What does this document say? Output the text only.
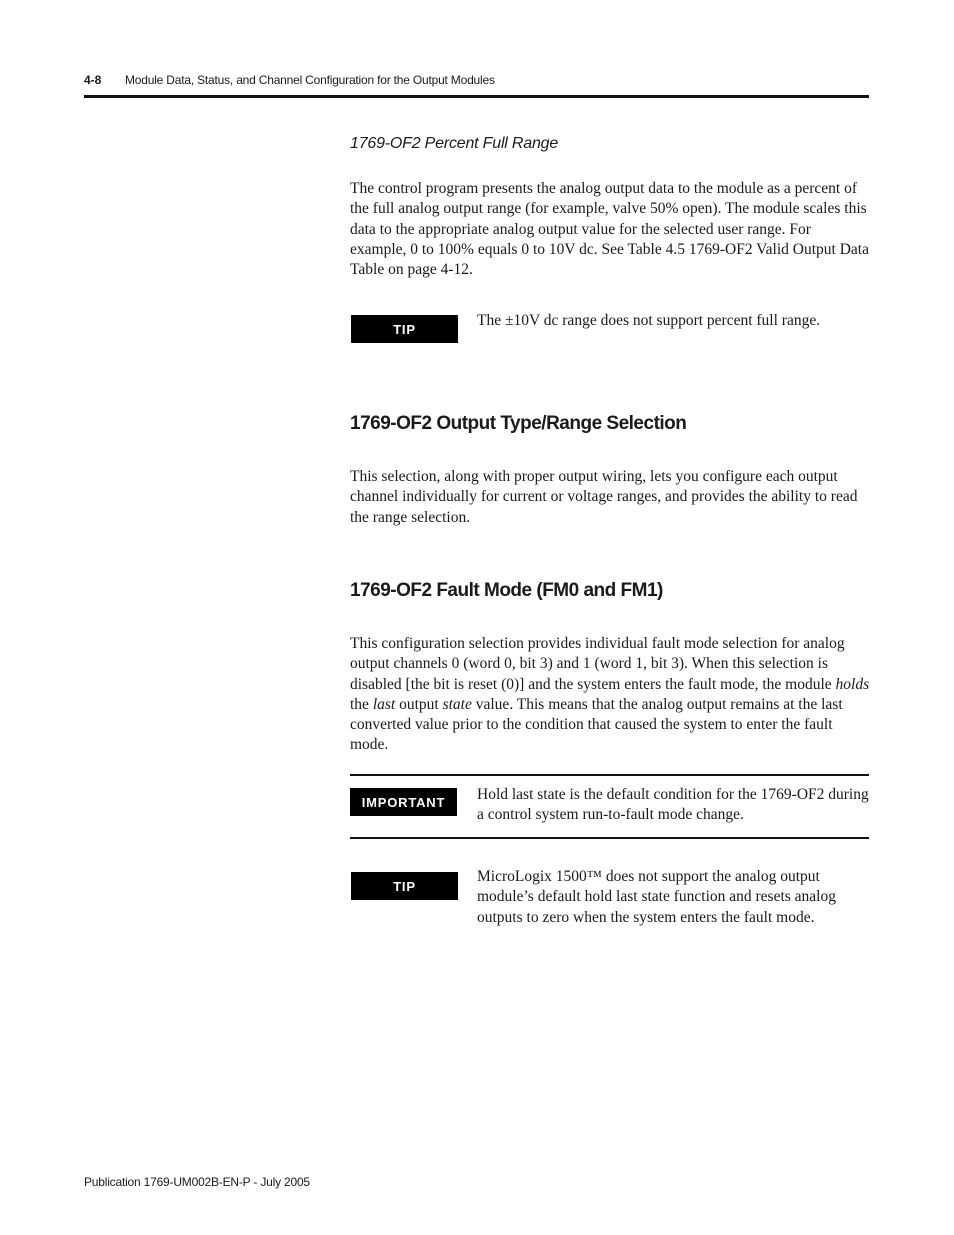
4-8 Module Data, Status, and Channel Configuration for the Output Modules
1769-OF2 Percent Full Range
The control program presents the analog output data to the module as a percent of the full analog output range (for example, valve 50% open). The module scales this data to the appropriate analog output value for the selected user range. For example, 0 to 100% equals 0 to 10V dc. See Table 4.5 1769-OF2 Valid Output Data Table on page 4-12.
TIP	The ±10V dc range does not support percent full range.
1769-OF2 Output Type/Range Selection
This selection, along with proper output wiring, lets you configure each output channel individually for current or voltage ranges, and provides the ability to read the range selection.
1769-OF2 Fault Mode (FM0 and FM1)
This configuration selection provides individual fault mode selection for analog output channels 0 (word 0, bit 3) and 1 (word 1, bit 3). When this selection is disabled [the bit is reset (0)] and the system enters the fault mode, the module holds the last output state value. This means that the analog output remains at the last converted value prior to the condition that caused the system to enter the fault mode.
IMPORTANT	Hold last state is the default condition for the 1769-OF2 during a control system run-to-fault mode change.
TIP
MicroLogix 1500™ does not support the analog output module’s default hold last state function and resets analog outputs to zero when the system enters the fault mode.
Publication 1769-UM002B-EN-P - July 2005
